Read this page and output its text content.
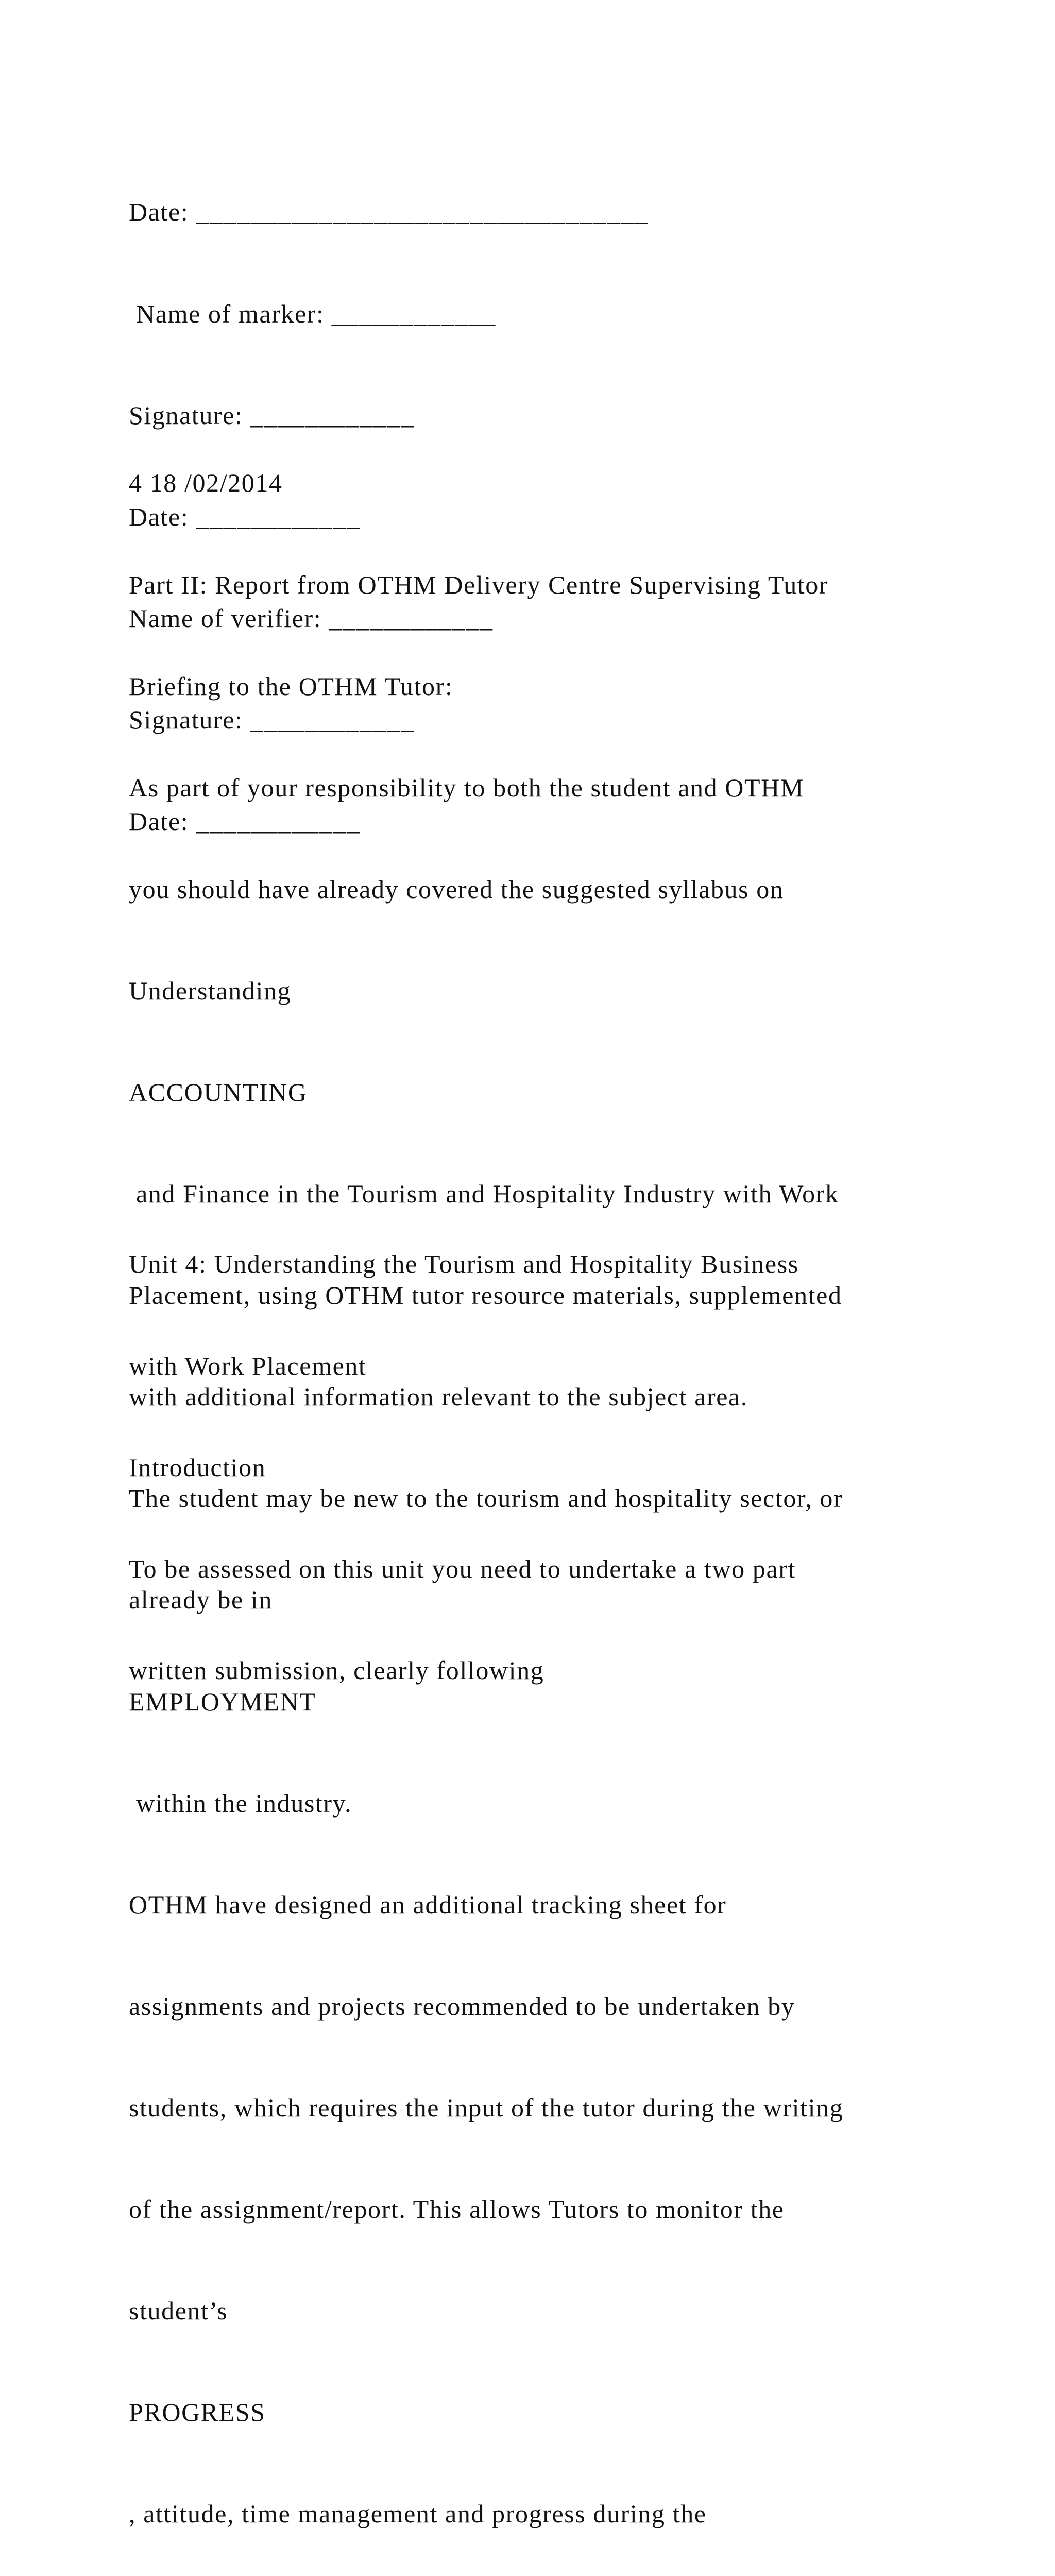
Date: _________________________________

Name of marker: ____________

Signature: ____________

Date: ____________

Name of verifier: ____________

Signature: ____________

Date: ____________

4 18 /02/2014

Part II: Report from OTHM Delivery Centre Supervising Tutor

Briefing to the OTHM Tutor:

As part of your responsibility to both the student and OTHM

you should have already covered the suggested syllabus on

Understanding

ACCOUNTING

and Finance in the Tourism and Hospitality Industry with Work

Placement, using OTHM tutor resource materials, supplemented

with additional information relevant to the subject area.

The student may be new to the tourism and hospitality sector, or

already be in

EMPLOYMENT

within the industry.

OTHM have designed an additional tracking sheet for

assignments and projects recommended to be undertaken by

students, which requires the input of the tutor during the writing

of the assignment/report. This allows Tutors to monitor the

student’s

PROGRESS

, attitude, time management and progress during the

Unit 4: Understanding the Tourism and Hospitality Business

with Work Placement

Introduction

To be assessed on this unit you need to undertake a two part

written submission, clearly following
